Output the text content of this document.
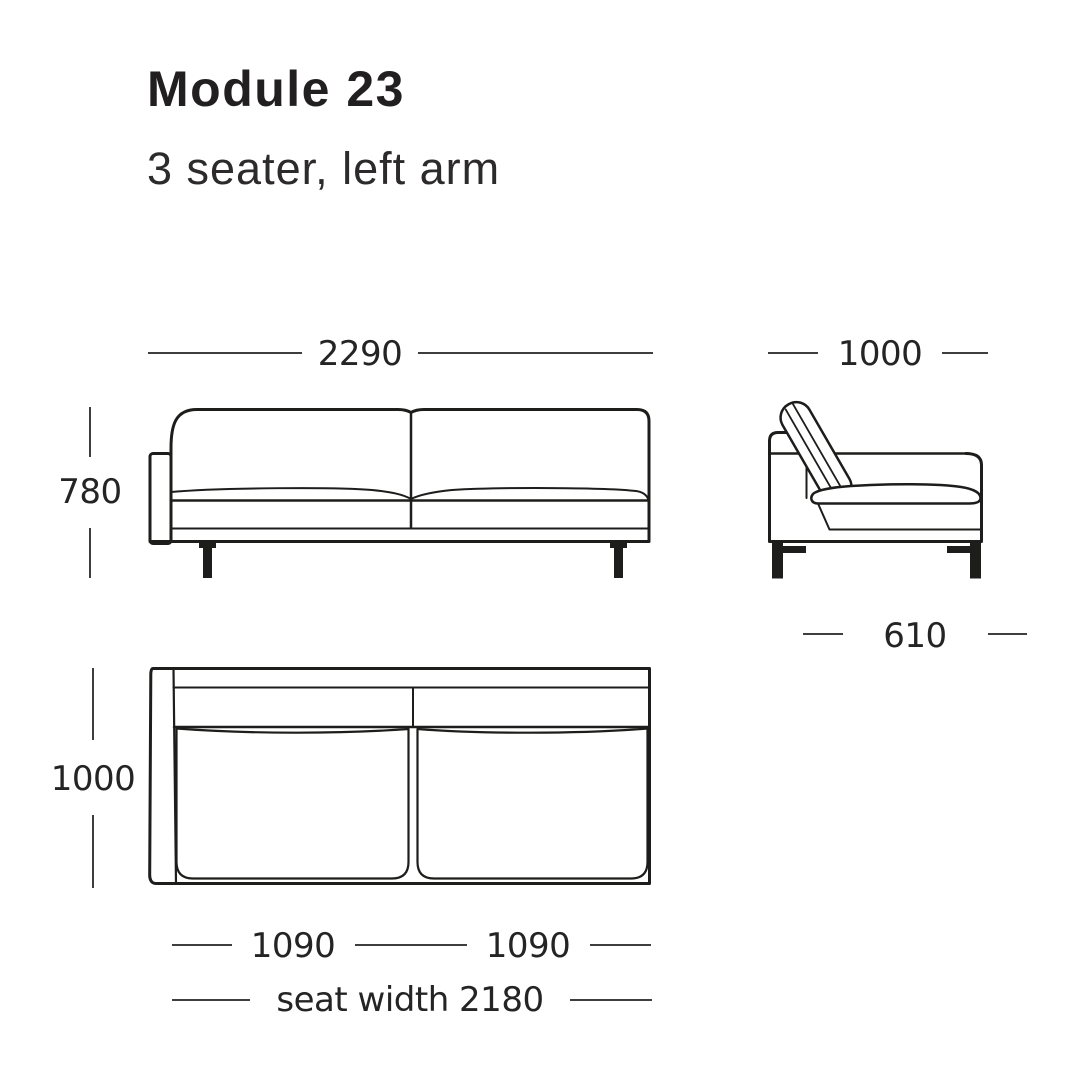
Module 23
3 seater, left arm
2290
780
1000
610
1000
1090	1090
seat width 2180
